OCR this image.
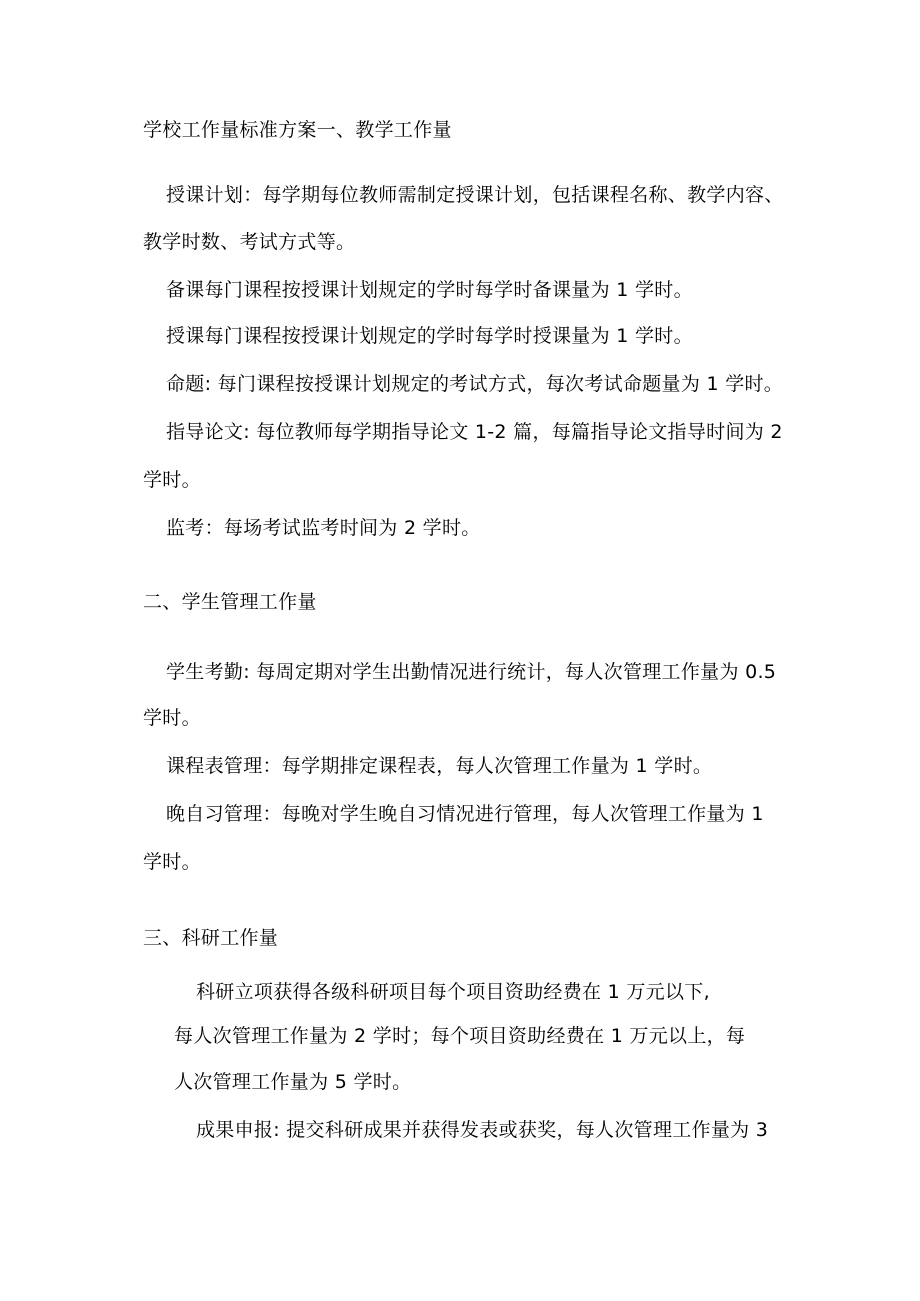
学校工作量标准方案一、教学工作量
授课计划：每学期每位教师需制定授课计划，包括课程名称、教学内容、
教学时数、考试方式等。
备课每门课程按授课计划规定的学时每学时备课量为 1 学时。
授课每门课程按授课计划规定的学时每学时授课量为 1 学时。
命题: 每门课程按授课计划规定的考试方式，每次考试命题量为 1 学时。
指导论文: 每位教师每学期指导论文 1-2 篇，每篇指导论文指导时间为 2
学时。
监考：每场考试监考时间为 2 学时。
二、学生管理工作量
学生考勤: 每周定期对学生出勤情况进行统计，每人次管理工作量为 0.5
学时。
课程表管理：每学期排定课程表，每人次管理工作量为 1 学时。
晚自习管理：每晚对学生晚自习情况进行管理，每人次管理工作量为 1
学时。
三、科研工作量
科研立项获得各级科研项目每个项目资助经费在 1 万元以下,
每人次管理工作量为 2 学时；每个项目资助经费在 1 万元以上，每
人次管理工作量为 5 学时。
成果申报: 提交科研成果并获得发表或获奖，每人次管理工作量为 3
